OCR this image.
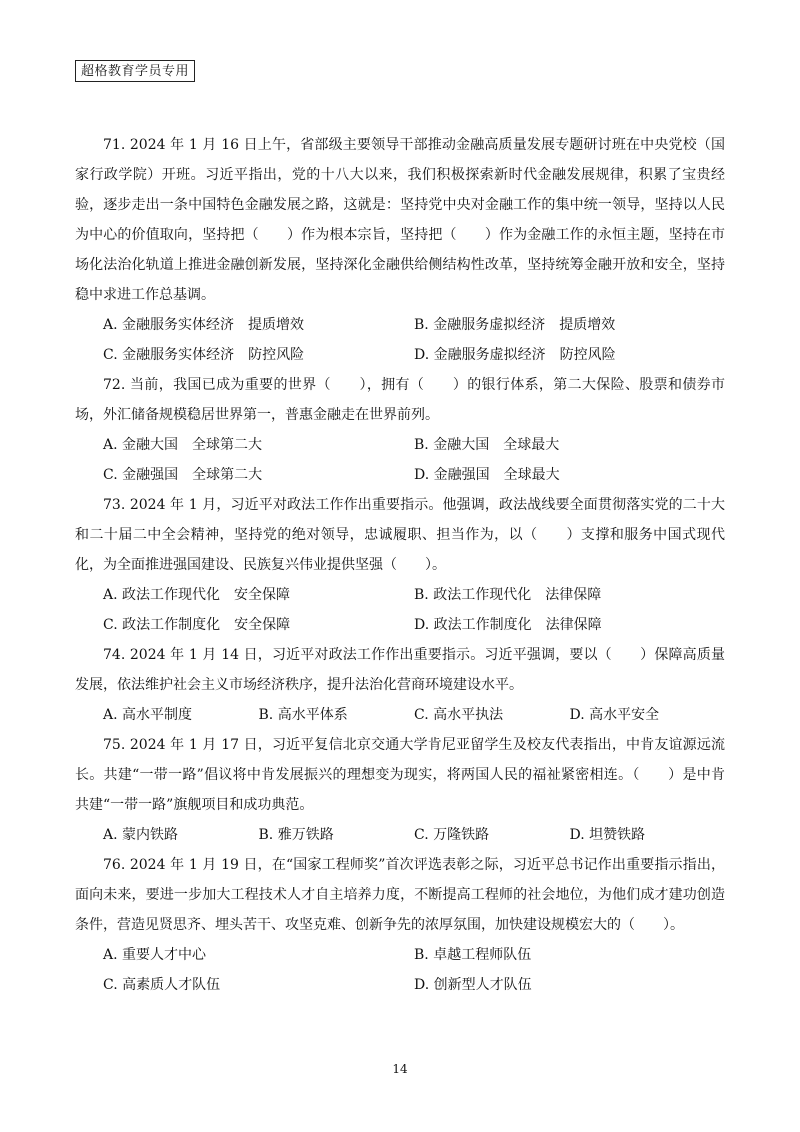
超格教育学员专用

71. 2024 年 1 月 16 日上午，省部级主要领导干部推动金融高质量发展专题研讨班在中央党校（国家行政学院）开班。习近平指出，党的十八大以来，我们积极探索新时代金融发展规律，积累了宝贵经验，逐步走出一条中国特色金融发展之路，这就是：坚持党中央对金融工作的集中统一领导，坚持以人民为中心的价值取向，坚持把（　　）作为根本宗旨，坚持把（　　）作为金融工作的永恒主题，坚持在市场化法治化轨道上推进金融创新发展，坚持深化金融供给侧结构性改革，坚持统筹金融开放和安全，坚持稳中求进工作总基调。

A. 金融服务实体经济　提质增效	B. 金融服务虚拟经济　提质增效
C. 金融服务实体经济　防控风险	D. 金融服务虚拟经济　防控风险

72. 当前，我国已成为重要的世界（　　），拥有（　　）的银行体系，第二大保险、股票和债券市场，外汇储备规模稳居世界第一，普惠金融走在世界前列。

A. 金融大国　全球第二大	B. 金融大国　全球最大
C. 金融强国　全球第二大	D. 金融强国　全球最大

73. 2024 年 1 月，习近平对政法工作作出重要指示。他强调，政法战线要全面贯彻落实党的二十大和二十届二中全会精神，坚持党的绝对领导，忠诚履职、担当作为，以（　　）支撑和服务中国式现代化，为全面推进强国建设、民族复兴伟业提供坚强（　　）。

A. 政法工作现代化　安全保障	B. 政法工作现代化　法律保障
C. 政法工作制度化　安全保障	D. 政法工作制度化　法律保障

74. 2024 年 1 月 14 日，习近平对政法工作作出重要指示。习近平强调，要以（　　）保障高质量发展，依法维护社会主义市场经济秩序，提升法治化营商环境建设水平。

A. 高水平制度	B. 高水平体系	C. 高水平执法	D. 高水平安全

75. 2024 年 1 月 17 日，习近平复信北京交通大学肯尼亚留学生及校友代表指出，中肯友谊源远流长。共建“一带一路”倡议将中肯发展振兴的理想变为现实，将两国人民的福祉紧密相连。（　　）是中肯共建“一带一路”旗舰项目和成功典范。

A. 蒙内铁路	B. 雅万铁路	C. 万隆铁路	D. 坦赞铁路

76. 2024 年 1 月 19 日，在“国家工程师奖”首次评选表彰之际，习近平总书记作出重要指示指出，面向未来，要进一步加大工程技术人才自主培养力度，不断提高工程师的社会地位，为他们成才建功创造条件，营造见贤思齐、埋头苦干、攻坚克难、创新争先的浓厚氛围，加快建设规模宏大的（　　）。

A. 重要人才中心	B. 卓越工程师队伍
C. 高素质人才队伍	D. 创新型人才队伍
14
